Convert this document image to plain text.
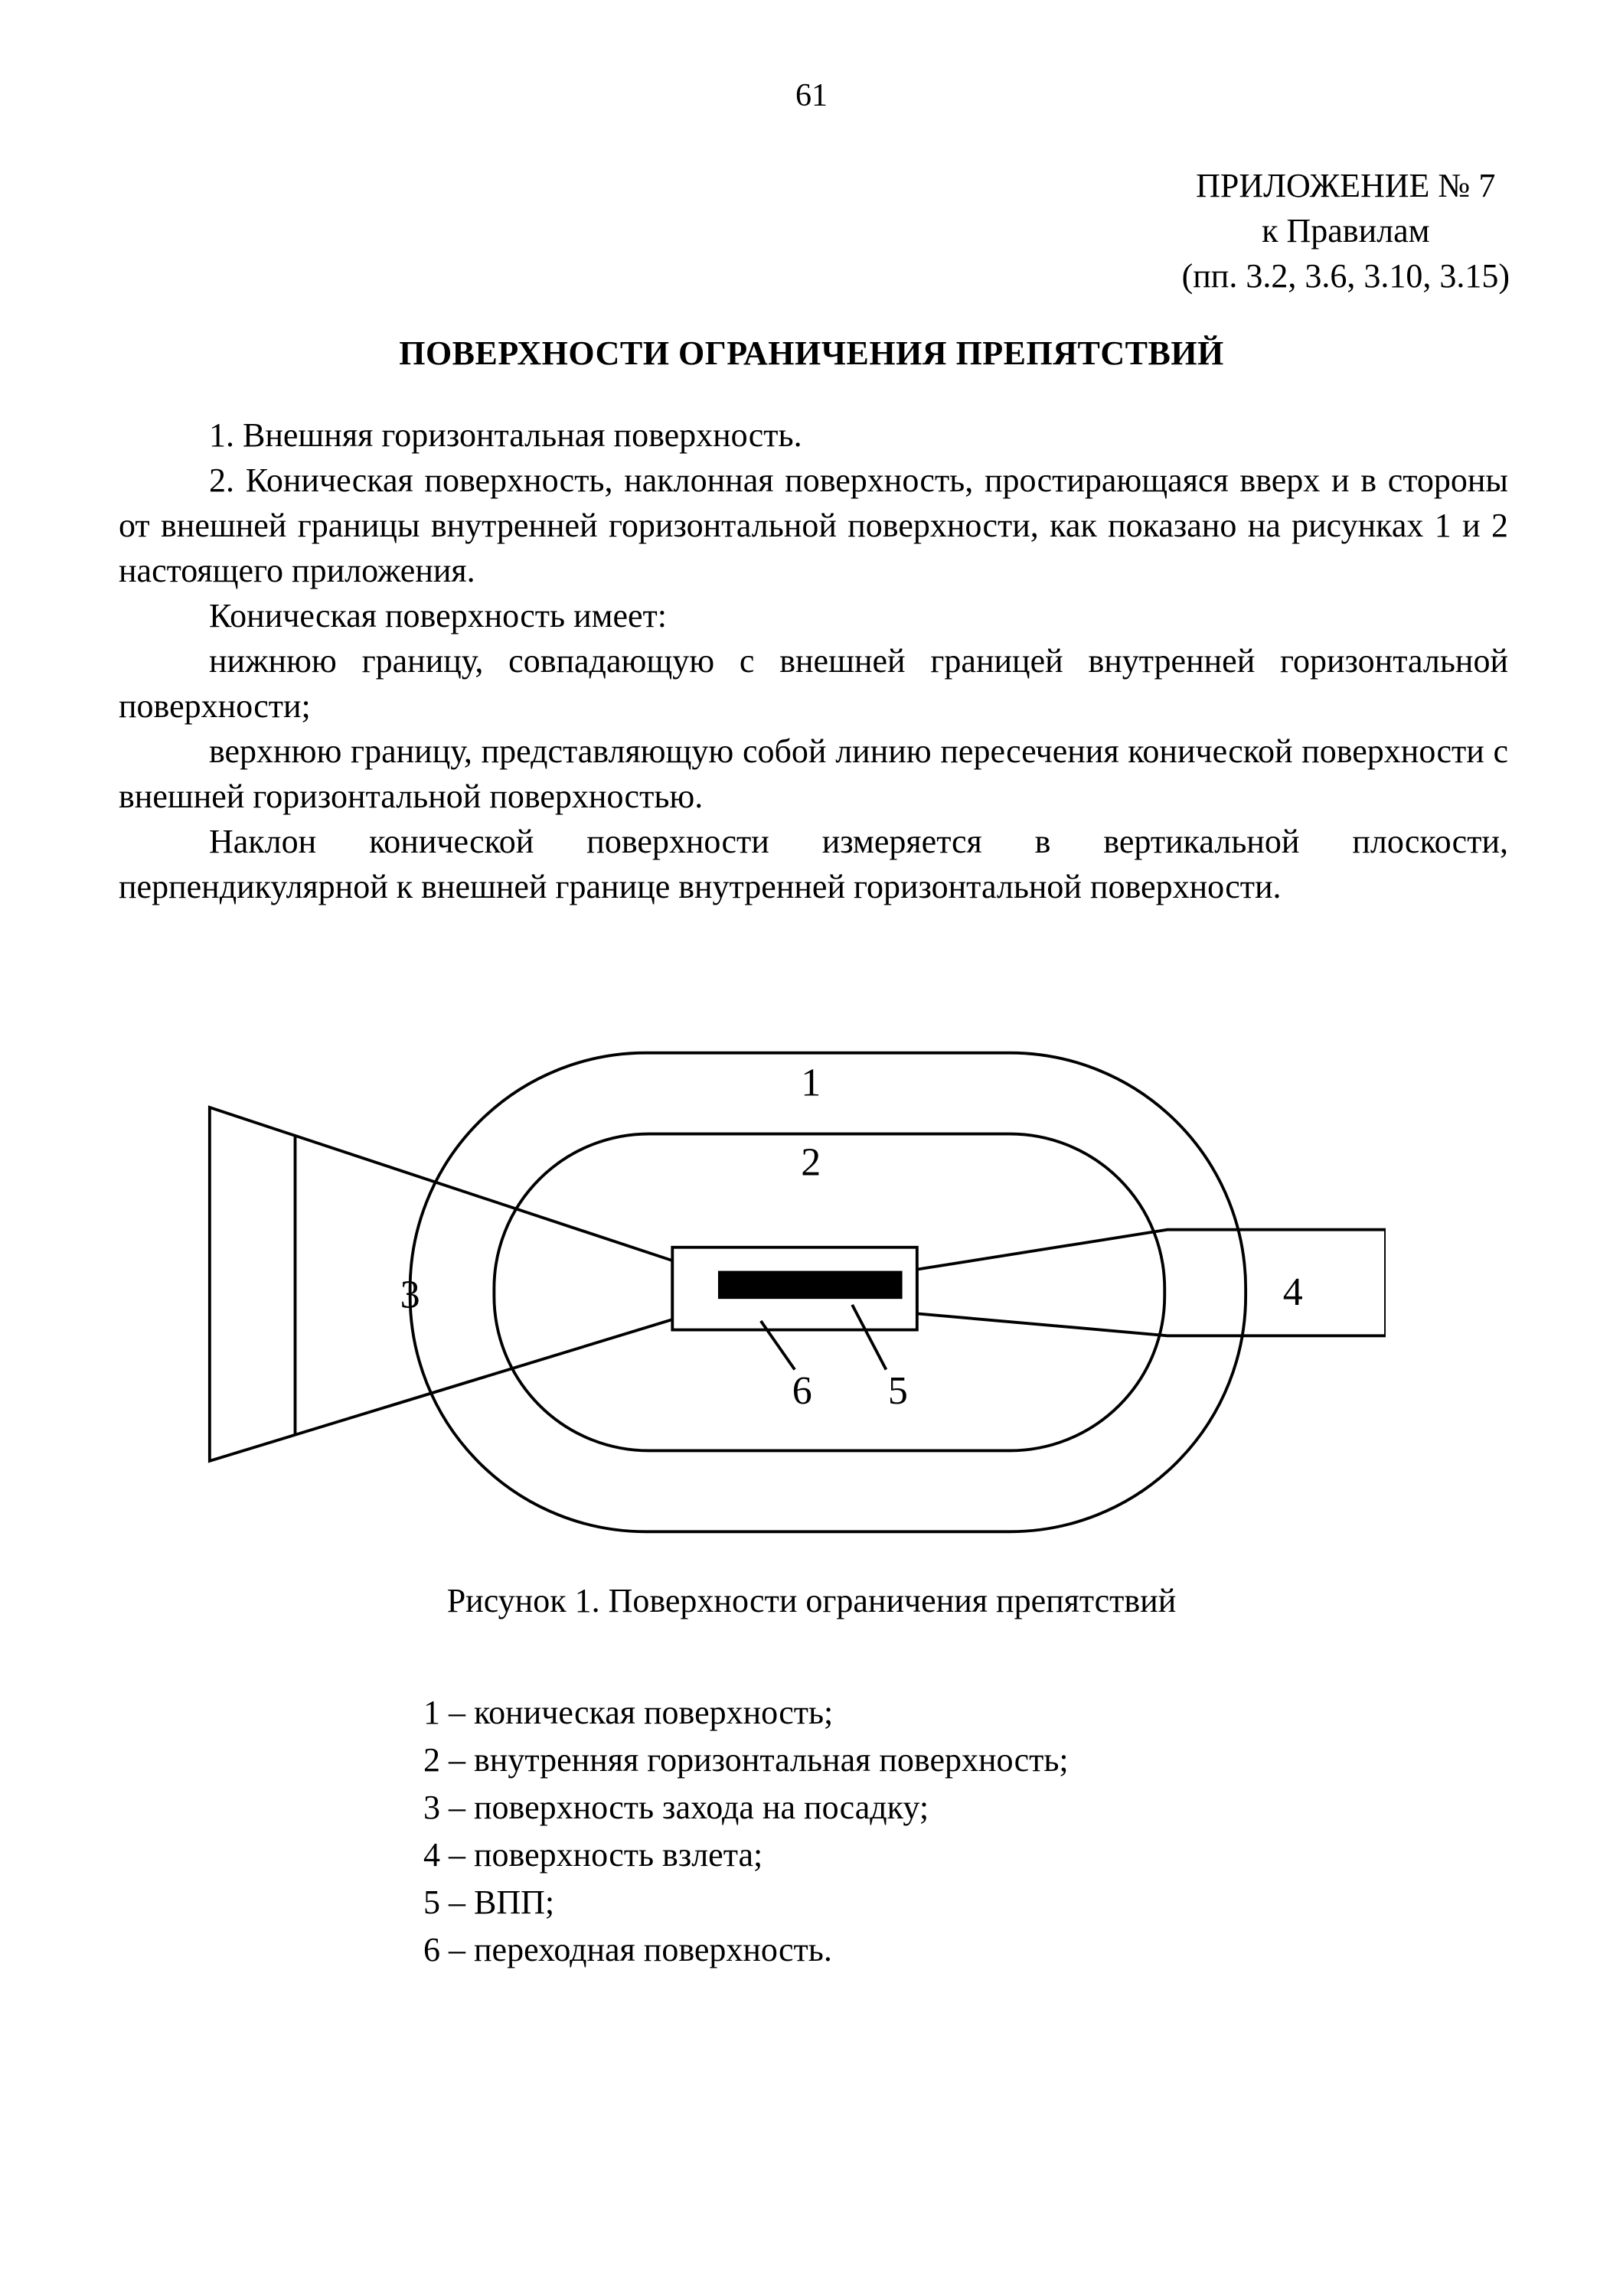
61
ПРИЛОЖЕНИЕ № 7
к Правилам
(пп. 3.2, 3.6, 3.10, 3.15)
ПОВЕРХНОСТИ ОГРАНИЧЕНИЯ ПРЕПЯТСТВИЙ

1. Внешняя горизонтальная поверхность.

2. Коническая поверхность, наклонная поверхность, простирающаяся вверх и в стороны от внешней границы внутренней горизонтальной поверхности, как показано на рисунках 1 и 2 настоящего приложения.

Коническая поверхность имеет:

нижнюю границу, совпадающую с внешней границей внутренней горизонтальной поверхности;

верхнюю границу, представляющую собой линию пересечения конической поверхности с внешней горизонтальной поверхностью.

Наклон конической поверхности измеряется в вертикальной плоскости, перпендикулярной к внешней границе внутренней горизонтальной поверхности.

1
2
3	4
5
6
Рисунок 1. Поверхности ограничения препятствий
1 – коническая поверхность;
2 – внутренняя горизонтальная поверхность;
3 – поверхность захода на посадку;
4 – поверхность взлета;
5 – ВПП;
6 – переходная поверхность.
